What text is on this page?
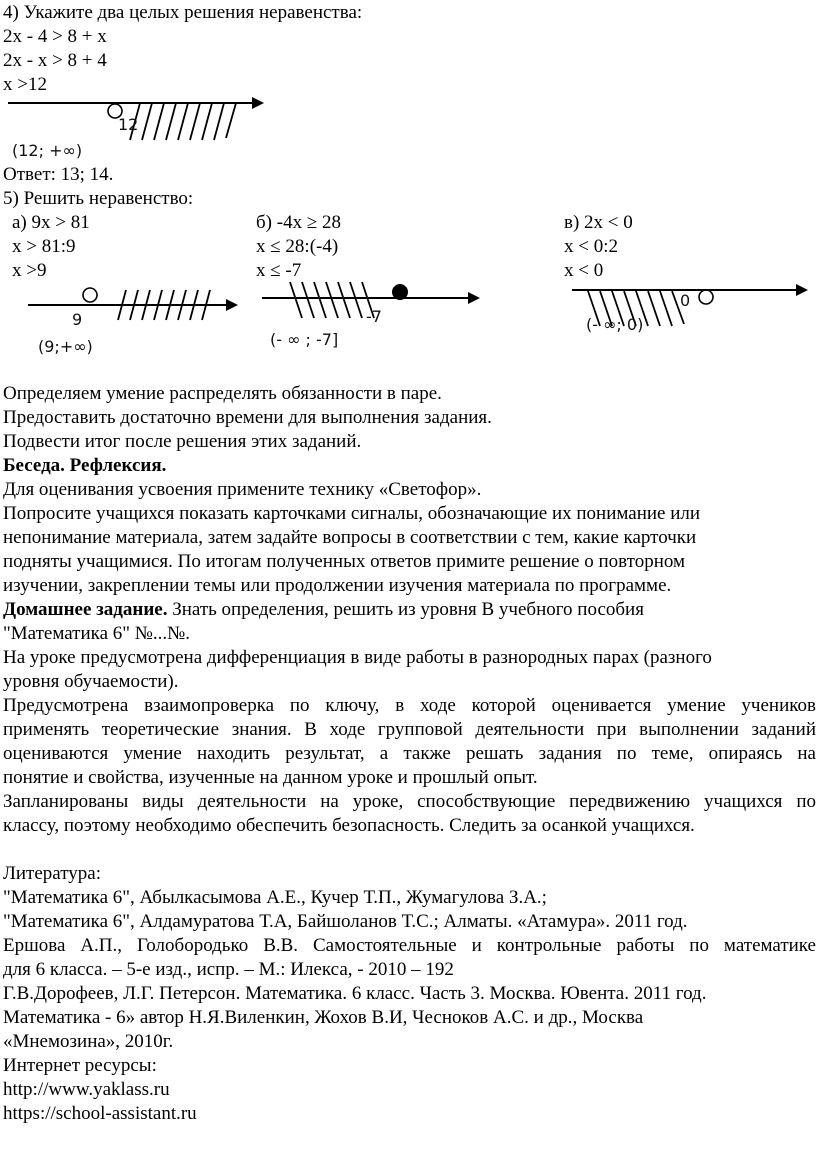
4) Укажите два целых решения неравенства:
2x - 4 > 8 + x
2x - x > 8 + 4
x >12
12
(12; +∞)
9
(9;+∞)
-7
(- ∞ ; -7]
0
(- ∞; 0)
Ответ: 13; 14.
5) Решить неравенство:
а) 9x > 81
x > 81:9
x >9
б) -4x ≥ 28
x ≤ 28:(-4)
x ≤ -7
в) 2x < 0
x < 0:2
x < 0
Определяем умение распределять обязанности в паре.
Предоставить достаточно времени для выполнения задания.
Подвести итог после решения этих заданий.
Беседа. Рефлексия.
Для оценивания усвоения примените технику «Светофор».
Попросите учащихся показать карточками сигналы, обозначающие их понимание или
непонимание материала, затем задайте вопросы в соответствии с тем, какие карточки
подняты учащимися. По итогам полученных ответов примите решение о повторном
изучении, закреплении темы или продолжении изучения материала по программе.
Домашнее задание. Знать определения, решить из уровня В учебного пособия
"Математика 6" №...№.
На уроке предусмотрена дифференциация в виде работы в разнородных парах (разного
уровня обучаемости).
Предусмотрена взаимопроверка по ключу, в ходе которой оценивается умение учеников
применять теоретические знания. В ходе групповой деятельности при выполнении заданий
оцениваются умение находить результат, а также решать задания по теме, опираясь на
понятие и свойства, изученные на данном уроке и прошлый опыт.
Запланированы виды деятельности на уроке, способствующие передвижению учащихся по
классу, поэтому необходимо обеспечить безопасность. Следить за осанкой учащихся.
Литература:
"Математика 6", Абылкасымова А.Е., Кучер Т.П., Жумагулова З.А.;
"Математика 6", Алдамуратова Т.А, Байшоланов Т.С.; Алматы. «Атамура». 2011 год.
Ершова А.П., Голобородько В.В. Самостоятельные и контрольные работы по математике
для 6 класса. – 5-е изд., испр. – М.: Илекса, - 2010 – 192
Г.В.Дорофеев, Л.Г. Петерсон. Математика. 6 класс. Часть 3. Москва. Ювента. 2011 год.
Математика - 6» автор Н.Я.Виленкин, Жохов В.И, Чесноков А.С. и др., Москва
«Мнемозина», 2010г.
Интернет ресурсы:
http://www.yaklass.ru
https://school-assistant.ru
